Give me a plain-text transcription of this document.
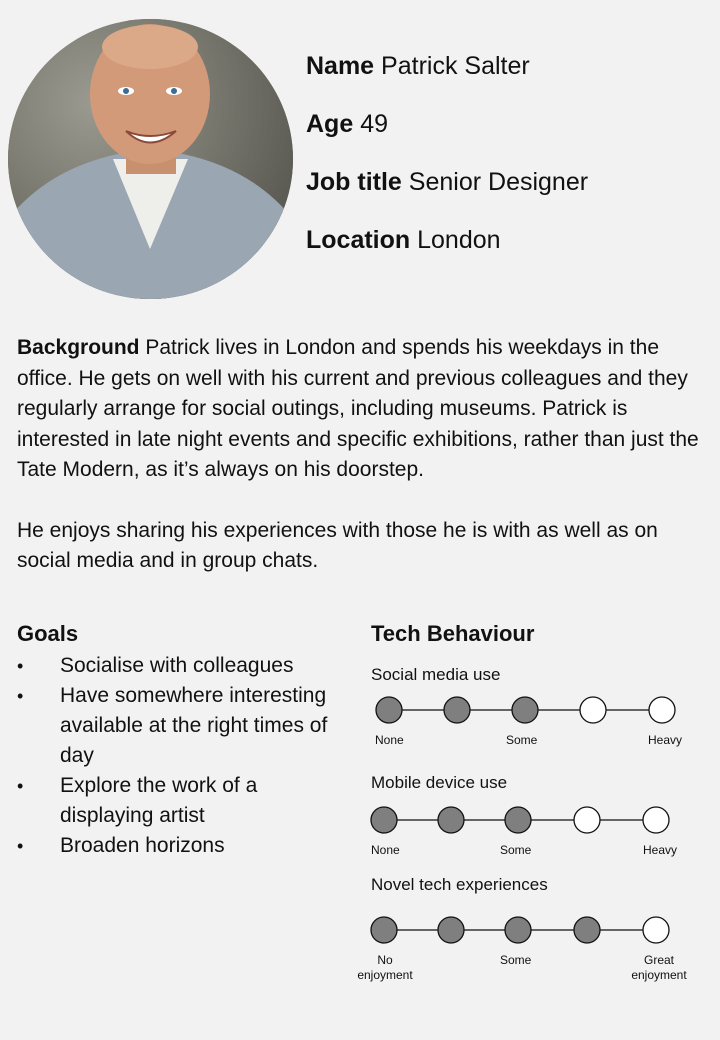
Name Patrick Salter
Age 49
Job title Senior Designer
Location London

Background Patrick lives in London and spends his weekdays in the office. He gets on well with his current and previous colleagues and they regularly arrange for social outings, including museums. Patrick is interested in late night events and specific exhibitions, rather than just the Tate Modern, as it’s always on his doorstep.

He enjoys sharing his experiences with those he is with as well as on social media and in group chats.

Goals
• Socialise with colleagues
• Have somewhere interesting available at the right times of day
• Explore the work of a displaying artist
• Broaden horizons
Tech Behaviour
Social media use
None	Some	Heavy
Mobile device use
None	Some	Heavy
Novel tech experiences
No enjoyment
Some	Great enjoyment
